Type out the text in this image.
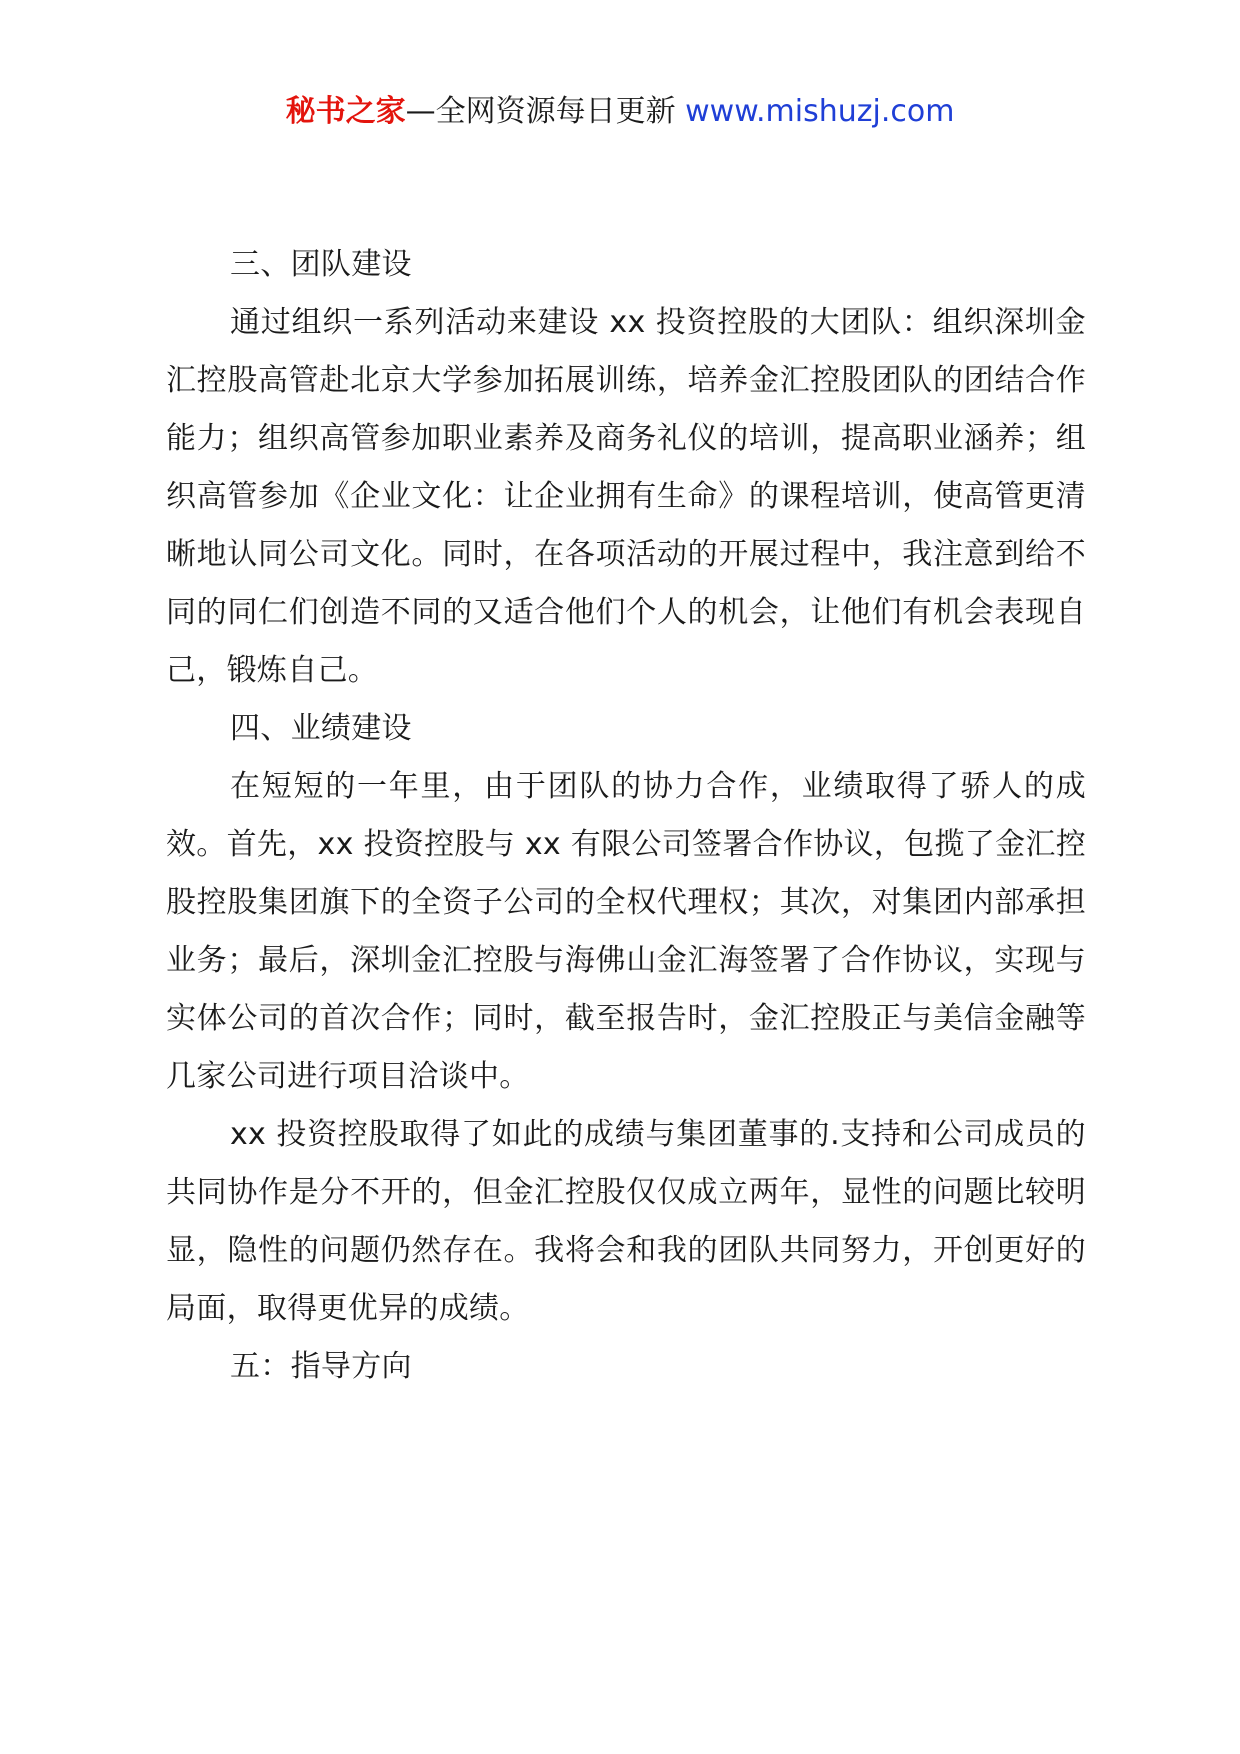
秘书之家—全网资源每日更新 www.mishuzj.com

三、团队建设

通过组织一系列活动来建设 xx 投资控股的大团队：组织深圳金汇控股高管赴北京大学参加拓展训练，培养金汇控股团队的团结合作能力；组织高管参加职业素养及商务礼仪的培训，提高职业涵养；组织高管参加《企业文化：让企业拥有生命》的课程培训，使高管更清晰地认同公司文化。同时，在各项活动的开展过程中，我注意到给不同的同仁们创造不同的又适合他们个人的机会，让他们有机会表现自己，锻炼自己。

四、业绩建设

在短短的一年里，由于团队的协力合作，业绩取得了骄人的成效。首先，xx 投资控股与 xx 有限公司签署合作协议，包揽了金汇控股控股集团旗下的全资子公司的全权代理权；其次，对集团内部承担业务；最后，深圳金汇控股与海佛山金汇海签署了合作协议，实现与实体公司的首次合作；同时，截至报告时，金汇控股正与美信金融等几家公司进行项目洽谈中。

xx 投资控股取得了如此的成绩与集团董事的.支持和公司成员的共同协作是分不开的，但金汇控股仅仅成立两年，显性的问题比较明显，隐性的问题仍然存在。我将会和我的团队共同努力，开创更好的局面，取得更优异的成绩。

五：指导方向
